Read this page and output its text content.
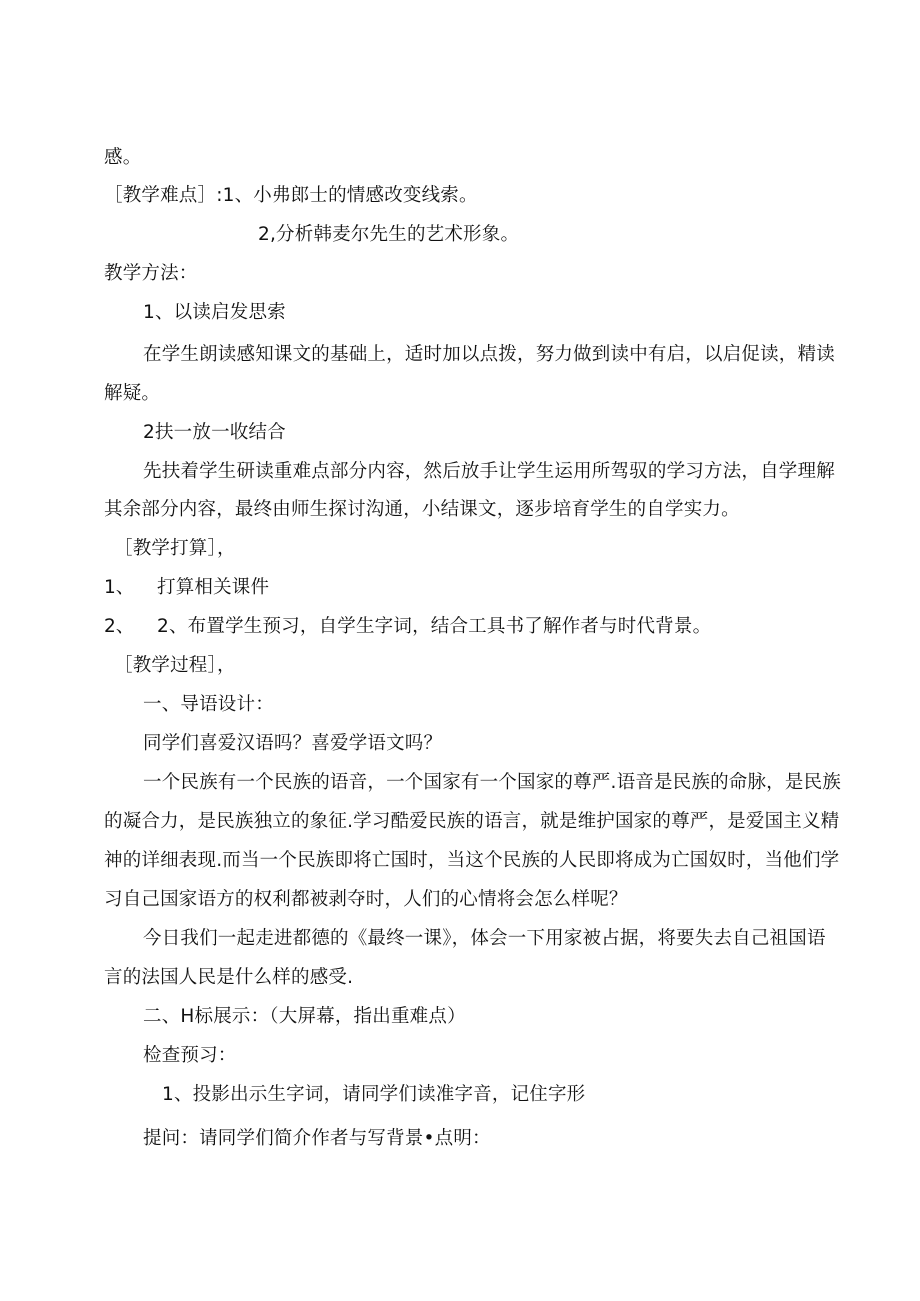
感。
［教学难点］:1、小弗郎士的情感改变线索。
2,分析韩麦尔先生的艺术形象。
教学方法：
1、以读启发思索
在学生朗读感知课文的基础上，适时加以点拨，努力做到读中有启，以启促读，精读
解疑。
2扶一放一收结合
先扶着学生研读重难点部分内容，然后放手让学生运用所驾驭的学习方法，自学理解
其余部分内容，最终由师生探讨沟通，小结课文，逐步培育学生的自学实力。
［教学打算］，
1、 打算相关课件
2、 2、布置学生预习，自学生字词，结合工具书了解作者与时代背景。
［教学过程］，
一、导语设计：
同学们喜爱汉语吗？喜爱学语文吗？
一个民族有一个民族的语音，一个国家有一个国家的尊严.语音是民族的命脉，是民族
的凝合力，是民族独立的象征.学习酷爱民族的语言，就是维护国家的尊严，是爱国主义精
神的详细表现.而当一个民族即将亡国时，当这个民族的人民即将成为亡国奴时，当他们学
习自己国家语方的权利都被剥夺时，人们的心情将会怎么样呢？
今日我们一起走进都德的《最终一课》，体会一下用家被占据，将要失去自己祖国语
言的法国人民是什么样的感受.
二、H标展示：（大屏幕，指出重难点）
检查预习：
1、投影出示生字词，请同学们读准字音，记住字形
提问：请同学们简介作者与写背景•点明：
